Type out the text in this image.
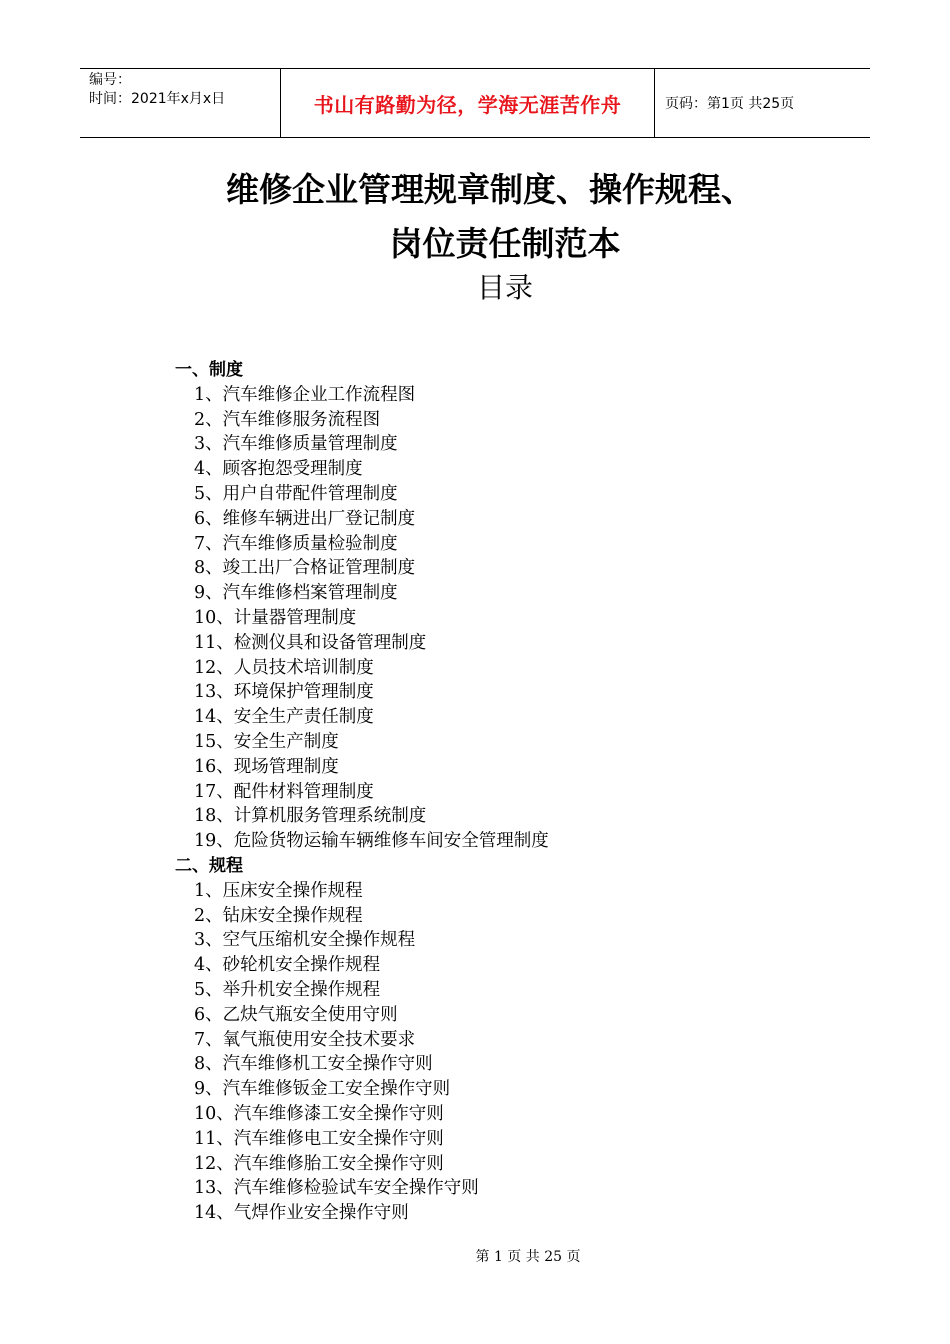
编号：
时间：2021年x月x日	书山有路勤为径，学海无涯苦作舟	页码：第1页 共25页
维修企业管理规章制度、操作规程、
岗位责任制范本
目录
一、制度
1、汽车维修企业工作流程图
2、汽车维修服务流程图
3、汽车维修质量管理制度
4、顾客抱怨受理制度
5、用户自带配件管理制度
6、维修车辆进出厂登记制度
7、汽车维修质量检验制度
8、竣工出厂合格证管理制度
9、汽车维修档案管理制度
10、计量器管理制度
11、检测仪具和设备管理制度
12、人员技术培训制度
13、环境保护管理制度
14、安全生产责任制度
15、安全生产制度
16、现场管理制度
17、配件材料管理制度
18、计算机服务管理系统制度
19、危险货物运输车辆维修车间安全管理制度
二、规程
1、压床安全操作规程
2、钻床安全操作规程
3、空气压缩机安全操作规程
4、砂轮机安全操作规程
5、举升机安全操作规程
6、乙炔气瓶安全使用守则
7、氧气瓶使用安全技术要求
8、汽车维修机工安全操作守则
9、汽车维修钣金工安全操作守则
10、汽车维修漆工安全操作守则
11、汽车维修电工安全操作守则
12、汽车维修胎工安全操作守则
13、汽车维修检验试车安全操作守则
14、气焊作业安全操作守则
第 1 页 共 25 页
